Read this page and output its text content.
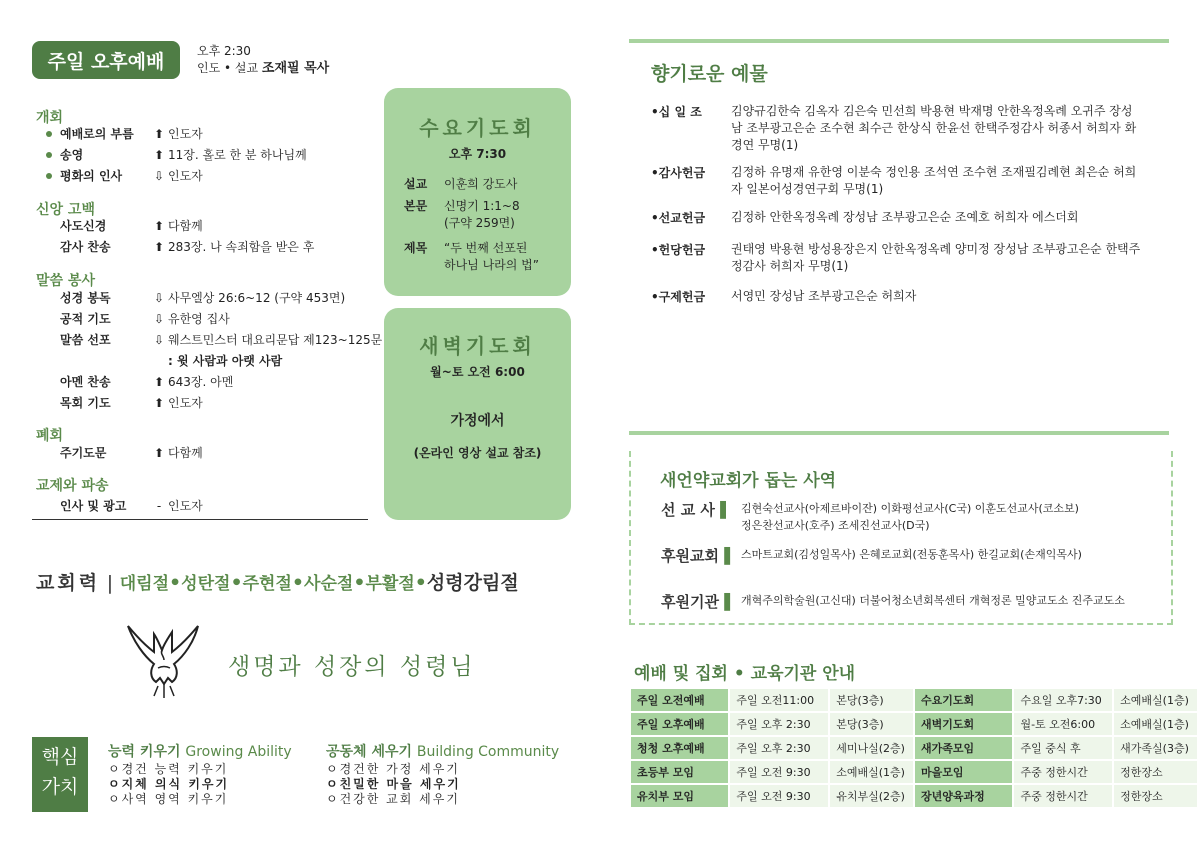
주일 오후예배	오후 2:30
인도 • 설교 조재필 목사
개회
예배로의 부름	⬆ 인도자
송영	⬆ 11장. 홀로 한 분 하나님께
평화의 인사	⇩ 인도자
신앙 고백
사도신경	⬆ 다함께
감사 찬송	⬆ 283장. 나 속죄함을 받은 후
말씀 봉사
성경 봉독	⇩ 사무엘상 26:6~12 (구약 453면)
공적 기도	⇩ 유한영 집사
말씀 선포	⇩ 웨스트민스터 대요리문답 제123~125문
: 윗 사람과 아랫 사람
아멘 찬송	⬆ 643장. 아멘
목회 기도	⬆ 인도자
폐회
주기도문	⬆ 다함께
교제와 파송
인사 및 광고	- 인도자
수요기도회
오후 7:30
설교	이훈희 강도사
본문	신명기 1:1~8
(구약 259면)
제목	“두 번째 선포된
하나님 나라의 법”
새벽기도회
월~토 오전 6:00
가정에서
(온라인 영상 설교 참조)
교회력 | 대림절•성탄절•주현절•사순절•부활절•성령강림절
생명과 성장의 성령님
핵심
가치
능력 키우기 Growing Ability
ㅇ경건 능력 키우기
ㅇ지체 의식 키우기
ㅇ사역 영역 키우기
공동체 세우기 Building Community
ㅇ경건한 가정 세우기
ㅇ친밀한 마을 세우기
ㅇ건강한 교회 세우기
향기로운 예물
•십 일 조	김양규김한숙 김옥자 김은숙 민선희 박용현 박재명 안한옥정옥례 오귀주 장성남 조부광고은순 조수현 최수근 한상식 한윤선 한택주정감사 허종서 허희자 화경연 무명(1)
•감사헌금	김정하 유명재 유한영 이분숙 정인용 조석연 조수현 조재필김례현 최은순 허희자 일본어성경연구회 무명(1)
•선교헌금	김정하 안한옥정옥례 장성남 조부광고은순 조예호 허희자 에스더회
•헌당헌금	권태영 박용현 방성용장은지 안한옥정옥례 양미정 장성남 조부광고은순 한택주 정감사 허희자 무명(1)
•구제헌금	서영민 장성남 조부광고은순 허희자
새언약교회가 돕는 사역
선 교 사 ▌ 김현숙선교사(아제르바이잔) 이화평선교사(C국) 이훈도선교사(코소보)
정은찬선교사(호주) 조세진선교사(D국)
후원교회 ▌ 스마트교회(김성일목사) 은혜로교회(전동훈목사) 한길교회(손재익목사)
후원기관 ▌ 개혁주의학술원(고신대) 더불어청소년회복센터 개혁정론 밀양교도소 진주교도소
예배 및 집회 • 교육기관 안내
주일 오전예배	주일 오전11:00	본당(3층)	수요기도회	수요일 오후7:30	소예배실(1층)
주일 오후예배	주일 오후 2:30	본당(3층)	새벽기도회	월-토 오전6:00	소예배실(1층)
청청 오후예배	주일 오후 2:30	세미나실(2층)	새가족모임	주일 중식 후	새가족실(3층)
초등부 모임	주일 오전 9:30	소예배실(1층)	마을모임	주중 정한시간	정한장소
유치부 모임	주일 오전 9:30	유치부실(2층)	장년양육과정	주중 정한시간	정한장소
